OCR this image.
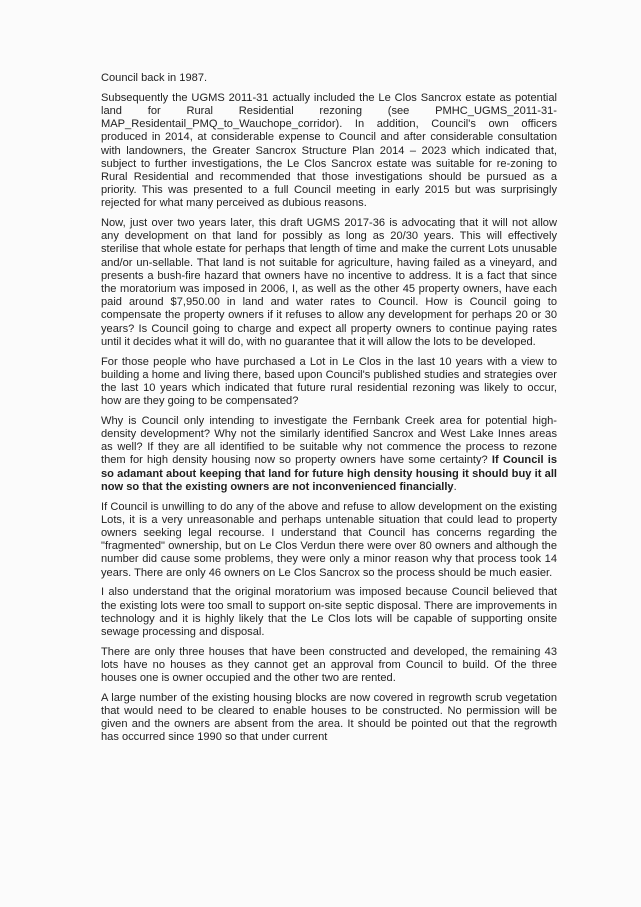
Council back in 1987.

Subsequently the UGMS 2011-31 actually included the Le Clos Sancrox estate as potential land for Rural Residential rezoning (see PMHC_UGMS_2011-31-MAP_Residentail_PMQ_to_Wauchope_corridor). In addition, Council's own officers produced in 2014, at considerable expense to Council and after considerable consultation with landowners, the Greater Sancrox Structure Plan 2014 – 2023 which indicated that, subject to further investigations, the Le Clos Sancrox estate was suitable for re-zoning to Rural Residential and recommended that those investigations should be pursued as a priority. This was presented to a full Council meeting in early 2015 but was surprisingly rejected for what many perceived as dubious reasons.

Now, just over two years later, this draft UGMS 2017-36 is advocating that it will not allow any development on that land for possibly as long as 20/30 years. This will effectively sterilise that whole estate for perhaps that length of time and make the current Lots unusable and/or un-sellable. That land is not suitable for agriculture, having failed as a vineyard, and presents a bush-fire hazard that owners have no incentive to address. It is a fact that since the moratorium was imposed in 2006, I, as well as the other 45 property owners, have each paid around $7,950.00 in land and water rates to Council. How is Council going to compensate the property owners if it refuses to allow any development for perhaps 20 or 30 years? Is Council going to charge and expect all property owners to continue paying rates until it decides what it will do, with no guarantee that it will allow the lots to be developed.

For those people who have purchased a Lot in Le Clos in the last 10 years with a view to building a home and living there, based upon Council's published studies and strategies over the last 10 years which indicated that future rural residential rezoning was likely to occur, how are they going to be compensated?

Why is Council only intending to investigate the Fernbank Creek area for potential high-density development? Why not the similarly identified Sancrox and West Lake Innes areas as well? If they are all identified to be suitable why not commence the process to rezone them for high density housing now so property owners have some certainty? If Council is so adamant about keeping that land for future high density housing it should buy it all now so that the existing owners are not inconvenienced financially.

If Council is unwilling to do any of the above and refuse to allow development on the existing Lots, it is a very unreasonable and perhaps untenable situation that could lead to property owners seeking legal recourse. I understand that Council has concerns regarding the "fragmented" ownership, but on Le Clos Verdun there were over 80 owners and although the number did cause some problems, they were only a minor reason why that process took 14 years. There are only 46 owners on Le Clos Sancrox so the process should be much easier.

I also understand that the original moratorium was imposed because Council believed that the existing lots were too small to support on-site septic disposal. There are improvements in technology and it is highly likely that the Le Clos lots will be capable of supporting onsite sewage processing and disposal.

There are only three houses that have been constructed and developed, the remaining 43 lots have no houses as they cannot get an approval from Council to build. Of the three houses one is owner occupied and the other two are rented.

A large number of the existing housing blocks are now covered in regrowth scrub vegetation that would need to be cleared to enable houses to be constructed. No permission will be given and the owners are absent from the area. It should be pointed out that the regrowth has occurred since 1990 so that under current
